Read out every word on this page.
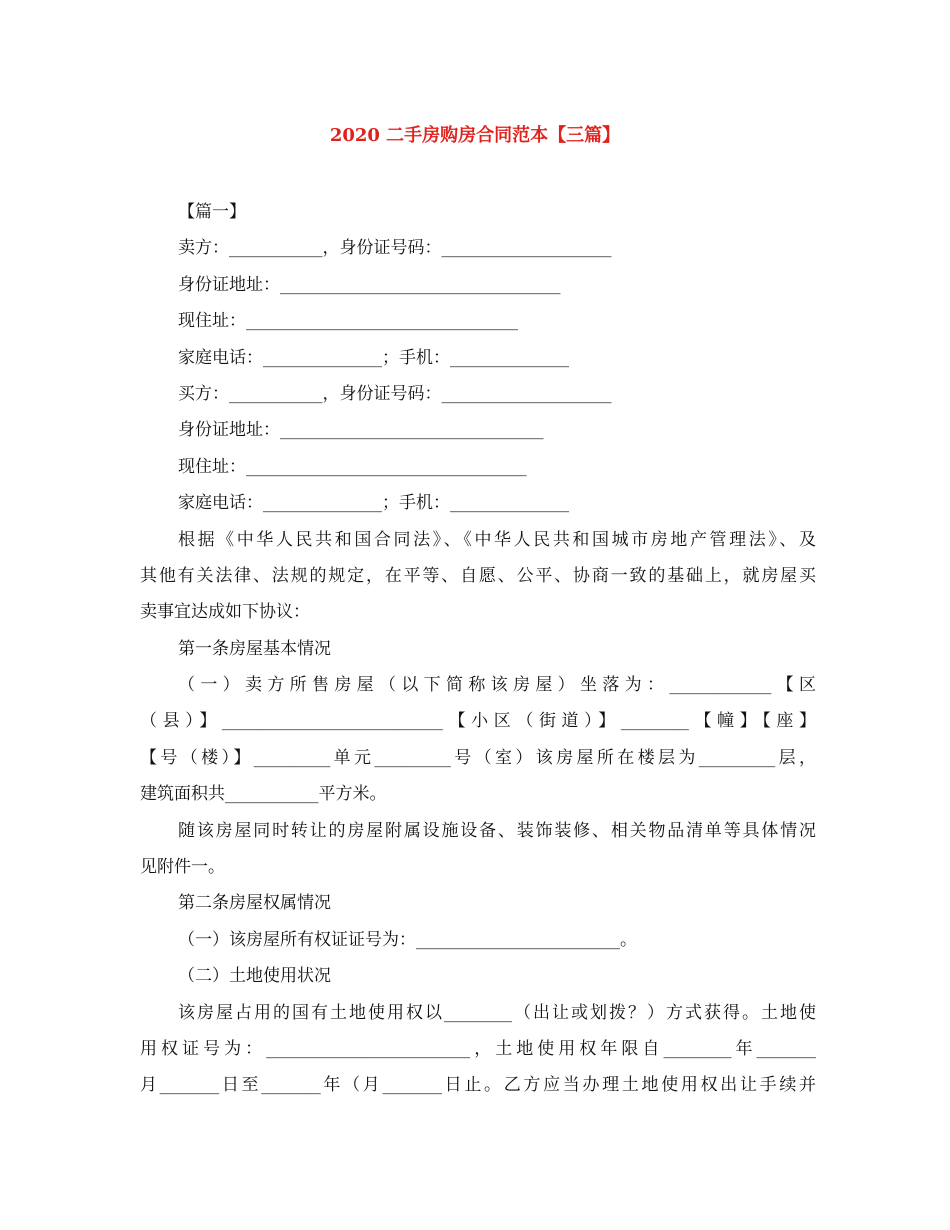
2020 二手房购房合同范本【三篇】
【篇一】
卖方：___________，身份证号码：____________________
身份证地址：_________________________________
现住址：________________________________
家庭电话：______________；手机：______________
买方：___________，身份证号码：____________________
身份证地址：_______________________________
现住址：_________________________________
家庭电话：______________；手机：______________
根据《中华人民共和国合同法》、《中华人民共和国城市房地产管理法》、及
其他有关法律、法规的规定，在平等、自愿、公平、协商一致的基础上，就房屋买
卖事宜达成如下协议：
第一条房屋基本情况
（一）卖方所售房屋（以下简称该房屋）坐落为：____________【区
（县）】__________________________【小区（街道）】________【幢】【座】
【号（楼）】_________单元_________号（室）该房屋所在楼层为_________层，
建筑面积共___________平方米。
随该房屋同时转让的房屋附属设施设备、装饰装修、相关物品清单等具体情况
见附件一。
第二条房屋权属情况
（一）该房屋所有权证证号为：________________________。
（二）土地使用状况
该房屋占用的国有土地使用权以________（出让或划拨？）方式获得。土地使
用权证号为：________________________，土地使用权年限自________年_______
月_______日至_______年（月_______日止。乙方应当办理土地使用权出让手续并
